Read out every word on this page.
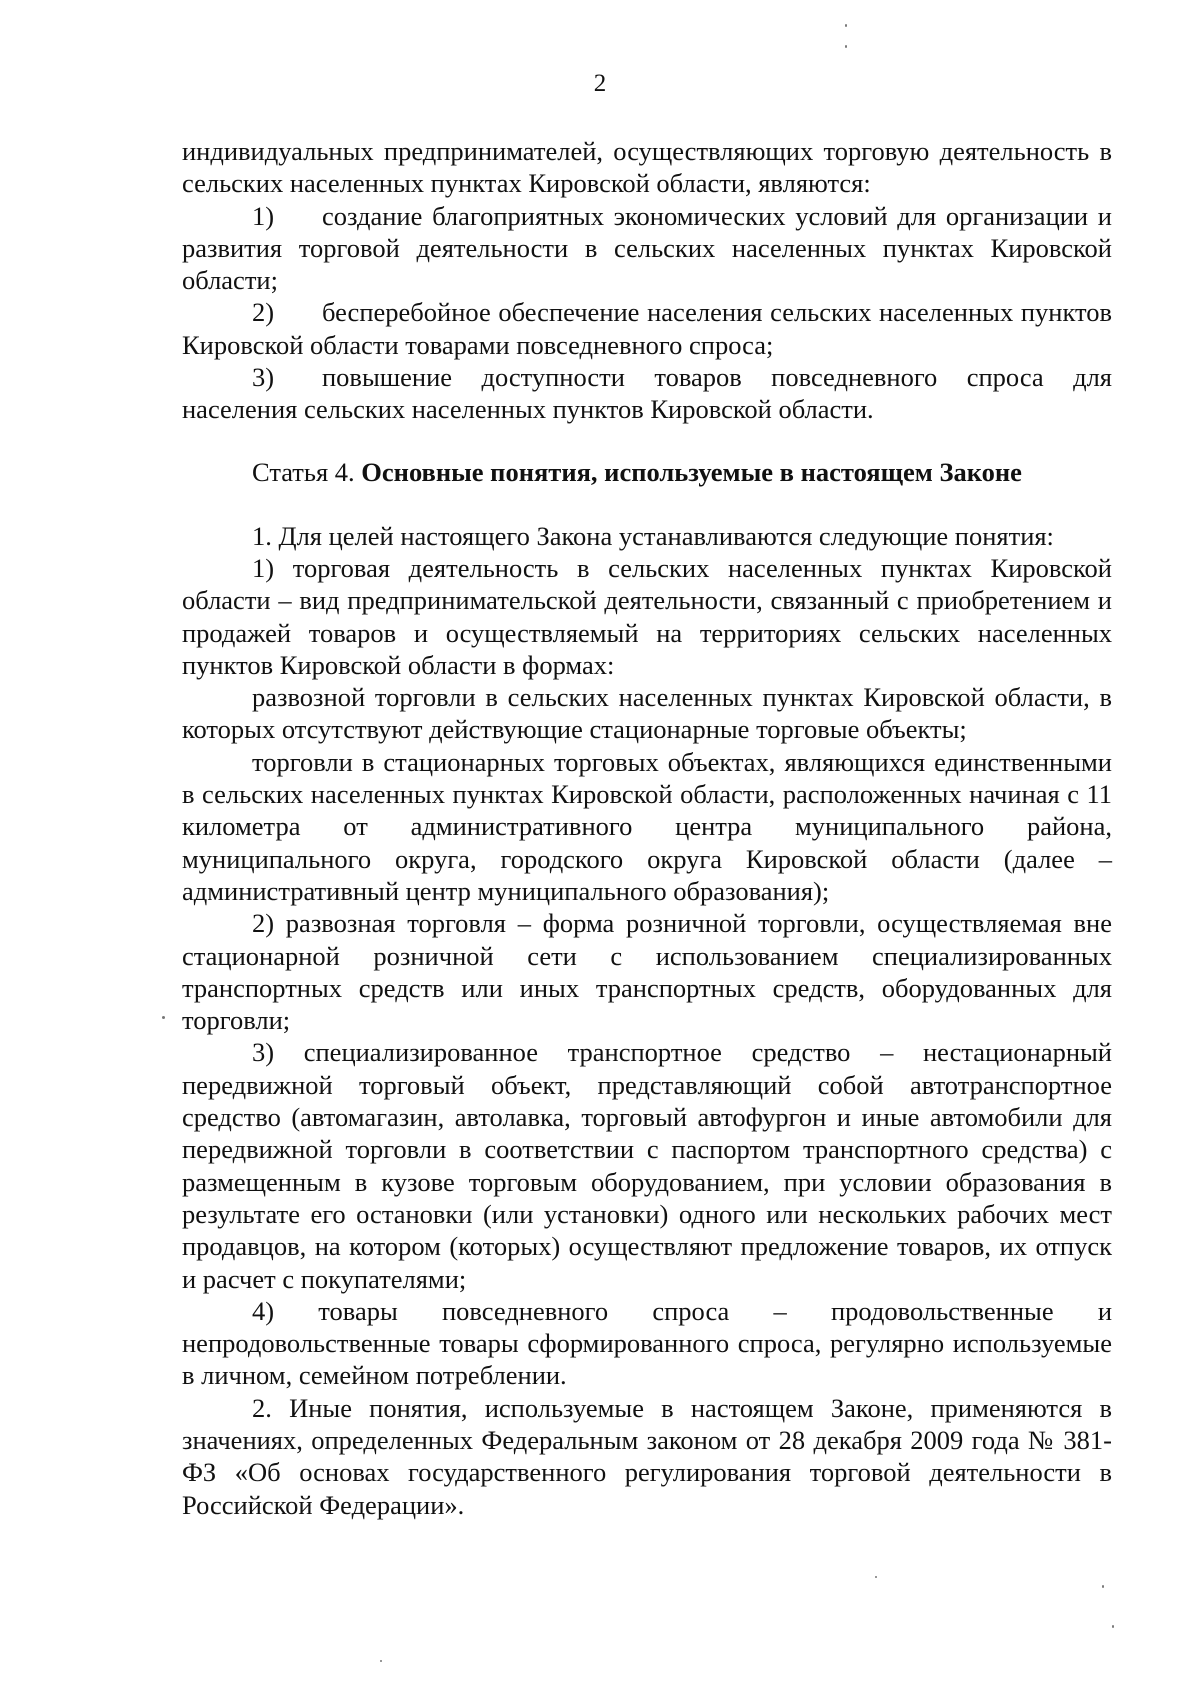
2

индивидуальных предпринимателей, осуществляющих торговую деятельность в сельских населенных пунктах Кировской области, являются:

1) создание благоприятных экономических условий для организации и развития торговой деятельности в сельских населенных пунктах Кировской области;

2) бесперебойное обеспечение населения сельских населенных пунктов Кировской области товарами повседневного спроса;

3) повышение доступности товаров повседневного спроса для населения сельских населенных пунктов Кировской области.

Статья 4. Основные понятия, используемые в настоящем Законе

1. Для целей настоящего Закона устанавливаются следующие понятия:

1) торговая деятельность в сельских населенных пунктах Кировской области – вид предпринимательской деятельности, связанный с приобретением и продажей товаров и осуществляемый на территориях сельских населенных пунктов Кировской области в формах:

развозной торговли в сельских населенных пунктах Кировской области, в которых отсутствуют действующие стационарные торговые объекты;

торговли в стационарных торговых объектах, являющихся единственными в сельских населенных пунктах Кировской области, расположенных начиная с 11 километра от административного центра муниципального района, муниципального округа, городского округа Кировской области (далее – административный центр муниципального образования);

2) развозная торговля – форма розничной торговли, осуществляемая вне стационарной розничной сети с использованием специализированных транспортных средств или иных транспортных средств, оборудованных для торговли;

3) специализированное транспортное средство – нестационарный передвижной торговый объект, представляющий собой автотранспортное средство (автомагазин, автолавка, торговый автофургон и иные автомобили для передвижной торговли в соответствии с паспортом транспортного средства) с размещенным в кузове торговым оборудованием, при условии образования в результате его остановки (или установки) одного или нескольких рабочих мест продавцов, на котором (которых) осуществляют предложение товаров, их отпуск и расчет с покупателями;

4) товары повседневного спроса – продовольственные и непродовольственные товары сформированного спроса, регулярно используемые в личном, семейном потреблении.

2. Иные понятия, используемые в настоящем Законе, применяются в значениях, определенных Федеральным законом от 28 декабря 2009 года № 381-ФЗ «Об основах государственного регулирования торговой деятельности в Российской Федерации».
